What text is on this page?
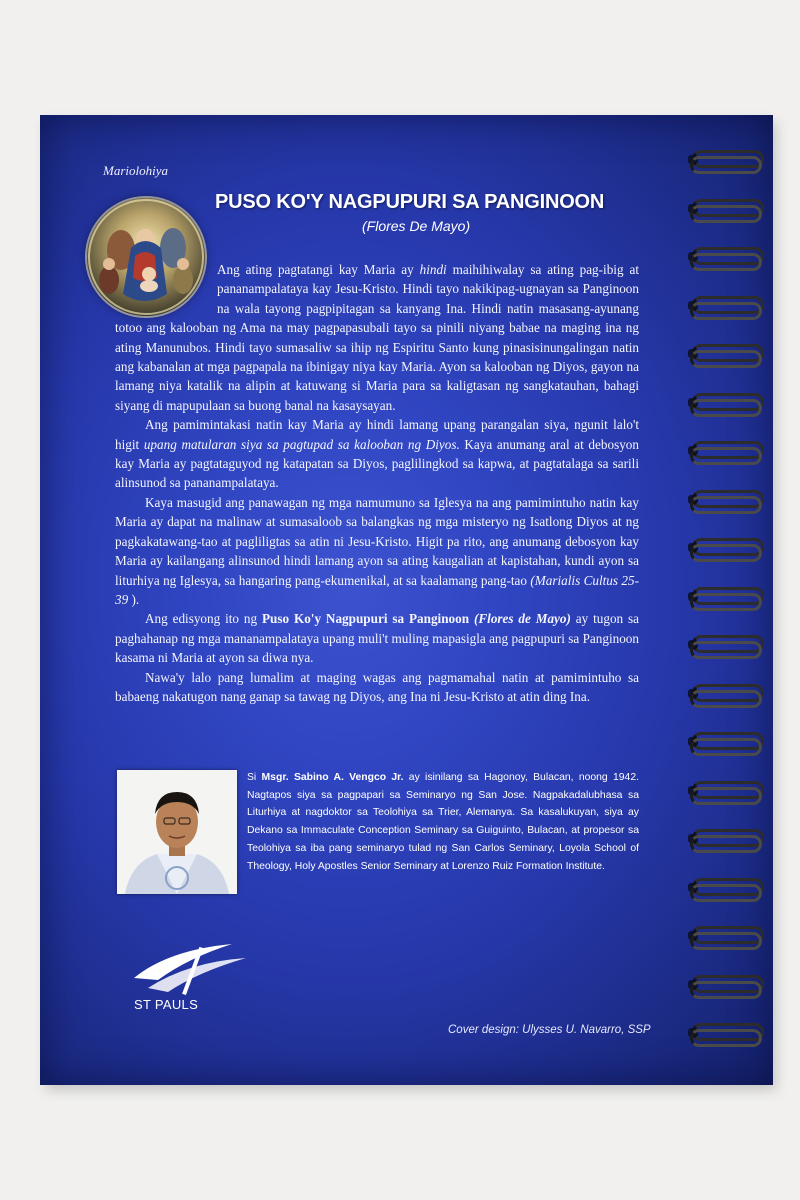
Mariolohiya
PUSO KO'Y NAGPUPURI SA PANGINOON
(Flores De Mayo)

Ang ating pagtatangi kay Maria ay hindi maihihiwalay sa ating pag-ibig at pananampalataya kay Jesu-Kristo. Hindi tayo nakikipag-ugnayan sa Panginoon na wala tayong pagpipitagan sa kanyang Ina. Hindi natin masasang-ayunang totoo ang kalooban ng Ama na may pagpapasubali tayo sa pinili niyang babae na maging ina ng ating Manunubos. Hindi tayo sumasaliw sa ihip ng Espiritu Santo kung pinasisinungalingan natin ang kabanalan at mga pagpapala na ibinigay niya kay Maria. Ayon sa kalooban ng Diyos, gayon na lamang niya katalik na alipin at katuwang si Maria para sa kaligtasan ng sangkatauhan, bahagi siyang di mapupulaan sa buong banal na kasaysayan.

Ang pamimintakasi natin kay Maria ay hindi lamang upang parangalan siya, ngunit lalo't higit upang matularan siya sa pagtupad sa kalooban ng Diyos. Kaya anumang aral at debosyon kay Maria ay pagtataguyod ng katapatan sa Diyos, paglilingkod sa kapwa, at pagtatalaga sa sarili alinsunod sa pananampalataya.

Kaya masugid ang panawagan ng mga namumuno sa Iglesya na ang pamimintuho natin kay Maria ay dapat na malinaw at sumasaloob sa balangkas ng mga misteryo ng Isatlong Diyos at ng pagkakatawang-tao at pagliligtas sa atin ni Jesu-Kristo. Higit pa rito, ang anumang debosyon kay Maria ay kailangang alinsunod hindi lamang ayon sa ating kaugalian at kapistahan, kundi ayon sa liturhiya ng Iglesya, sa hangaring pang-ekumenikal, at sa kaalamang pang-tao (Marialis Cultus 25-39 ).

Ang edisyong ito ng Puso Ko'y Nagpupuri sa Panginoon (Flores de Mayo) ay tugon sa paghahanap ng mga mananampalataya upang muli't muling mapasigla ang pagpupuri sa Panginoon kasama ni Maria at ayon sa diwa nya.

Nawa'y lalo pang lumalim at maging wagas ang pagmamahal natin at pamimintuho sa babaeng nakatugon nang ganap sa tawag ng Diyos, ang Ina ni Jesu-Kristo at atin ding Ina.

Si Msgr. Sabino A. Vengco Jr. ay isinilang sa Hagonoy, Bulacan, noong 1942. Nagtapos siya sa pagpapari sa Seminaryo ng San Jose. Nagpakadalubhasa sa Liturhiya at nagdoktor sa Teolohiya sa Trier, Alemanya. Sa kasalukuyan, siya ay Dekano sa Immaculate Conception Seminary sa Guiguinto, Bulacan, at propesor sa Teolohiya sa iba pang seminaryo tulad ng San Carlos Seminary, Loyola School of Theology, Holy Apostles Senior Seminary at Lorenzo Ruiz Formation Institute.
ST PAULS
Cover design: Ulysses U. Navarro, SSP
